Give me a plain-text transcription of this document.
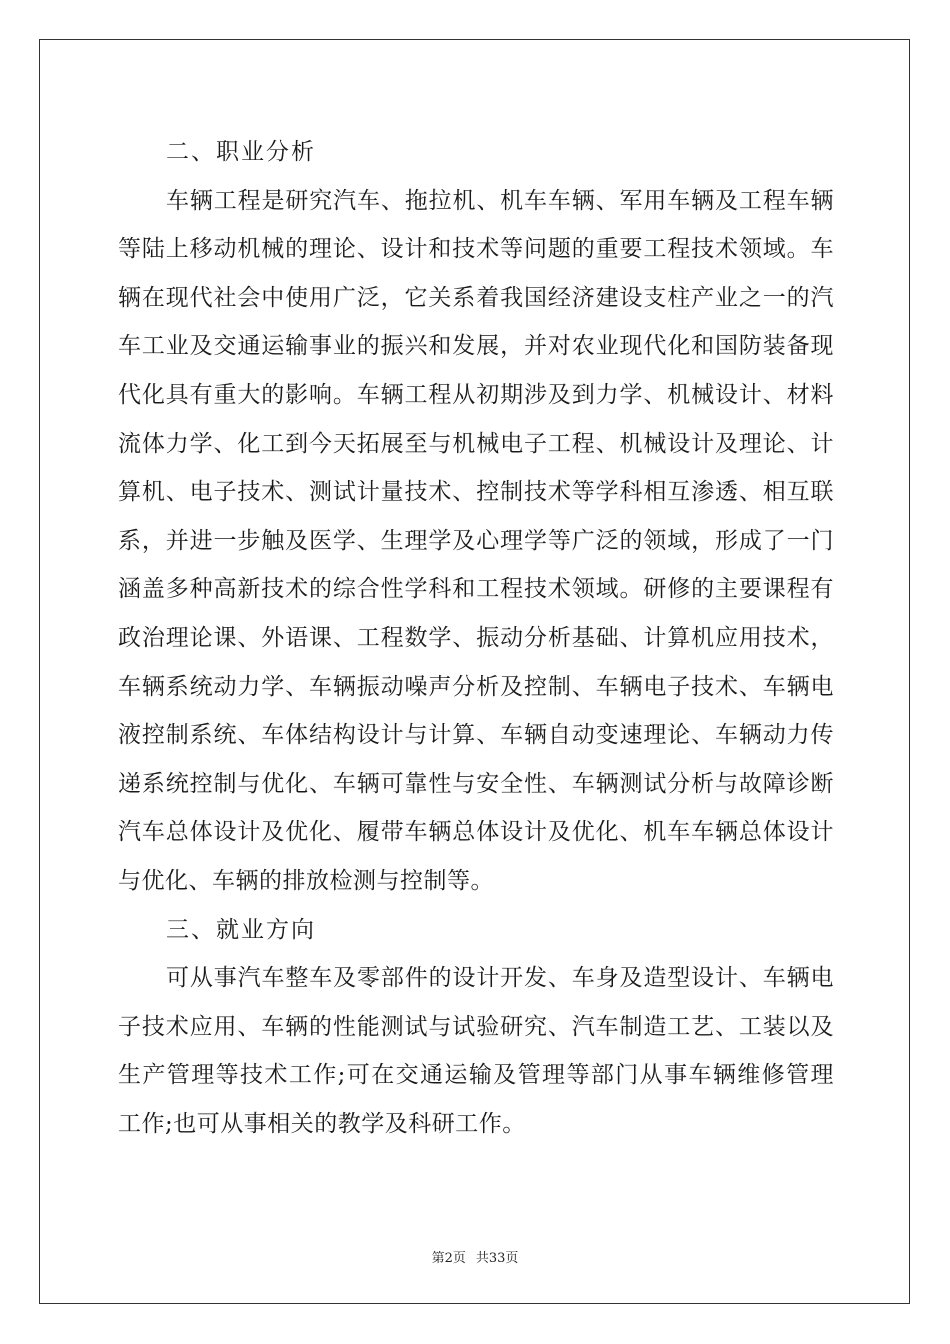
二、职业分析
车辆工程是研究汽车、拖拉机、机车车辆、军用车辆及工程车辆
等陆上移动机械的理论、设计和技术等问题的重要工程技术领域。车
辆在现代社会中使用广泛，它关系着我国经济建设支柱产业之一的汽
车工业及交通运输事业的振兴和发展，并对农业现代化和国防装备现
代化具有重大的影响。车辆工程从初期涉及到力学、机械设计、材料
流体力学、化工到今天拓展至与机械电子工程、机械设计及理论、计
算机、电子技术、测试计量技术、控制技术等学科相互渗透、相互联
系，并进一步触及医学、生理学及心理学等广泛的领域，形成了一门
涵盖多种高新技术的综合性学科和工程技术领域。研修的主要课程有
政治理论课、外语课、工程数学、振动分析基础、计算机应用技术，
车辆系统动力学、车辆振动噪声分析及控制、车辆电子技术、车辆电
液控制系统、车体结构设计与计算、车辆自动变速理论、车辆动力传
递系统控制与优化、车辆可靠性与安全性、车辆测试分析与故障诊断
汽车总体设计及优化、履带车辆总体设计及优化、机车车辆总体设计
与优化、车辆的排放检测与控制等。
三、就业方向
可从事汽车整车及零部件的设计开发、车身及造型设计、车辆电
子技术应用、车辆的性能测试与试验研究、汽车制造工艺、工装以及
生产管理等技术工作;可在交通运输及管理等部门从事车辆维修管理
工作;也可从事相关的教学及科研工作。
第2页 共33页
